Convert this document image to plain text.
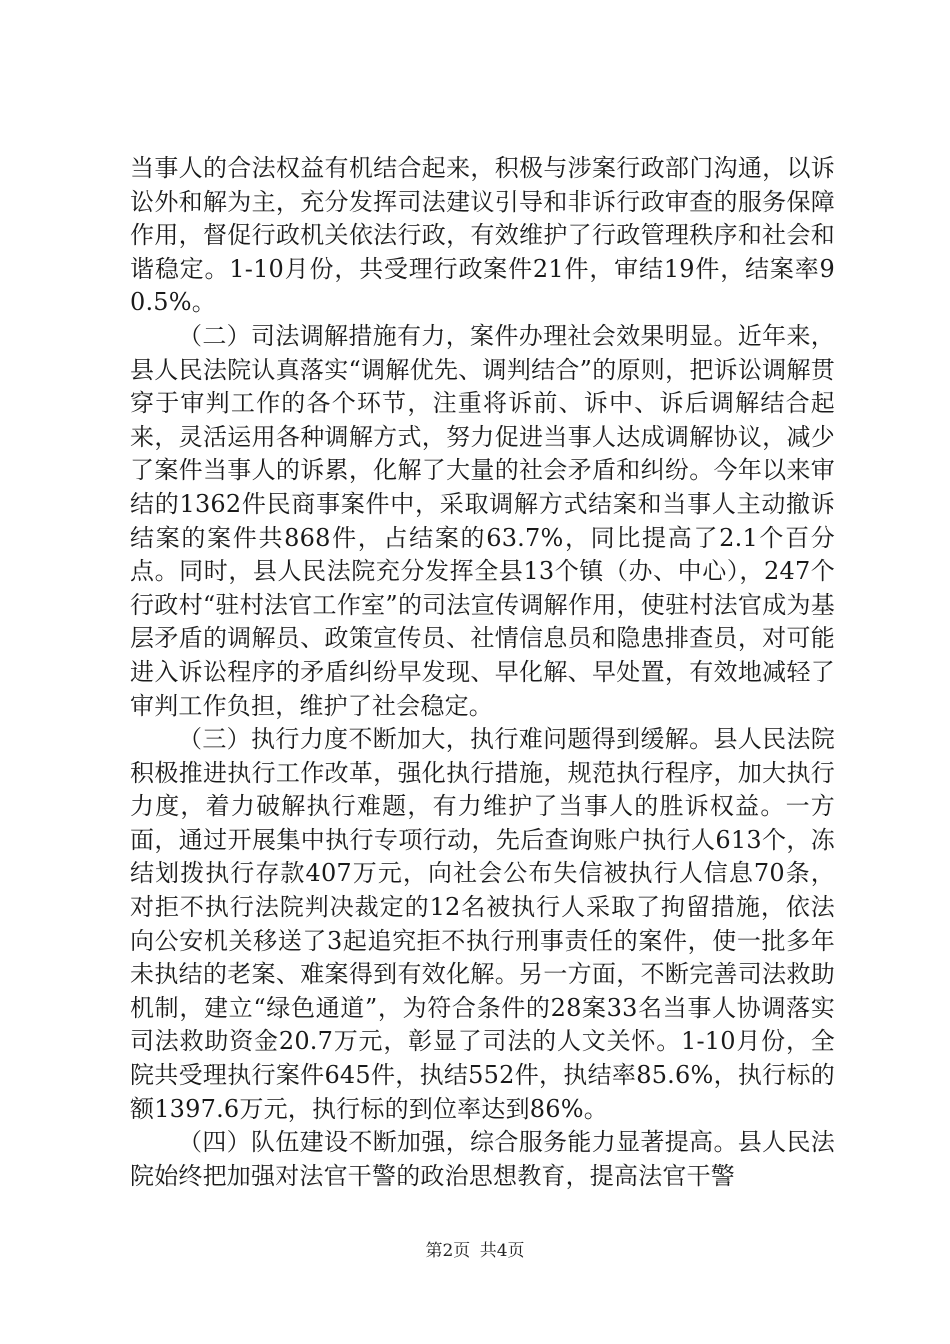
当事人的合法权益有机结合起来，积极与涉案行政部门沟通，以诉讼外和解为主，充分发挥司法建议引导和非诉行政审查的服务保障作用，督促行政机关依法行政，有效维护了行政管理秩序和社会和谐稳定。1-10月份，共受理行政案件21件，审结19件，结案率90.5%。

（二）司法调解措施有力，案件办理社会效果明显。近年来，县人民法院认真落实“调解优先、调判结合”的原则，把诉讼调解贯穿于审判工作的各个环节，注重将诉前、诉中、诉后调解结合起来，灵活运用各种调解方式，努力促进当事人达成调解协议，减少了案件当事人的诉累，化解了大量的社会矛盾和纠纷。今年以来审结的1362件民商事案件中，采取调解方式结案和当事人主动撤诉结案的案件共868件，占结案的63.7%，同比提高了2.1个百分点。同时，县人民法院充分发挥全县13个镇（办、中心），247个行政村“驻村法官工作室”的司法宣传调解作用，使驻村法官成为基层矛盾的调解员、政策宣传员、社情信息员和隐患排查员，对可能进入诉讼程序的矛盾纠纷早发现、早化解、早处置，有效地减轻了审判工作负担，维护了社会稳定。

（三）执行力度不断加大，执行难问题得到缓解。县人民法院积极推进执行工作改革，强化执行措施，规范执行程序，加大执行力度，着力破解执行难题，有力维护了当事人的胜诉权益。一方面，通过开展集中执行专项行动，先后查询账户执行人613个，冻结划拨执行存款407万元，向社会公布失信被执行人信息70条，对拒不执行法院判决裁定的12名被执行人采取了拘留措施，依法向公安机关移送了3起追究拒不执行刑事责任的案件，使一批多年未执结的老案、难案得到有效化解。另一方面，不断完善司法救助机制，建立“绿色通道”，为符合条件的28案33名当事人协调落实司法救助资金20.7万元，彰显了司法的人文关怀。1-10月份，全院共受理执行案件645件，执结552件，执结率85.6%，执行标的额1397.6万元，执行标的到位率达到86%。

（四）队伍建设不断加强，综合服务能力显著提高。县人民法院始终把加强对法官干警的政治思想教育，提高法官干警

第2页 共4页
